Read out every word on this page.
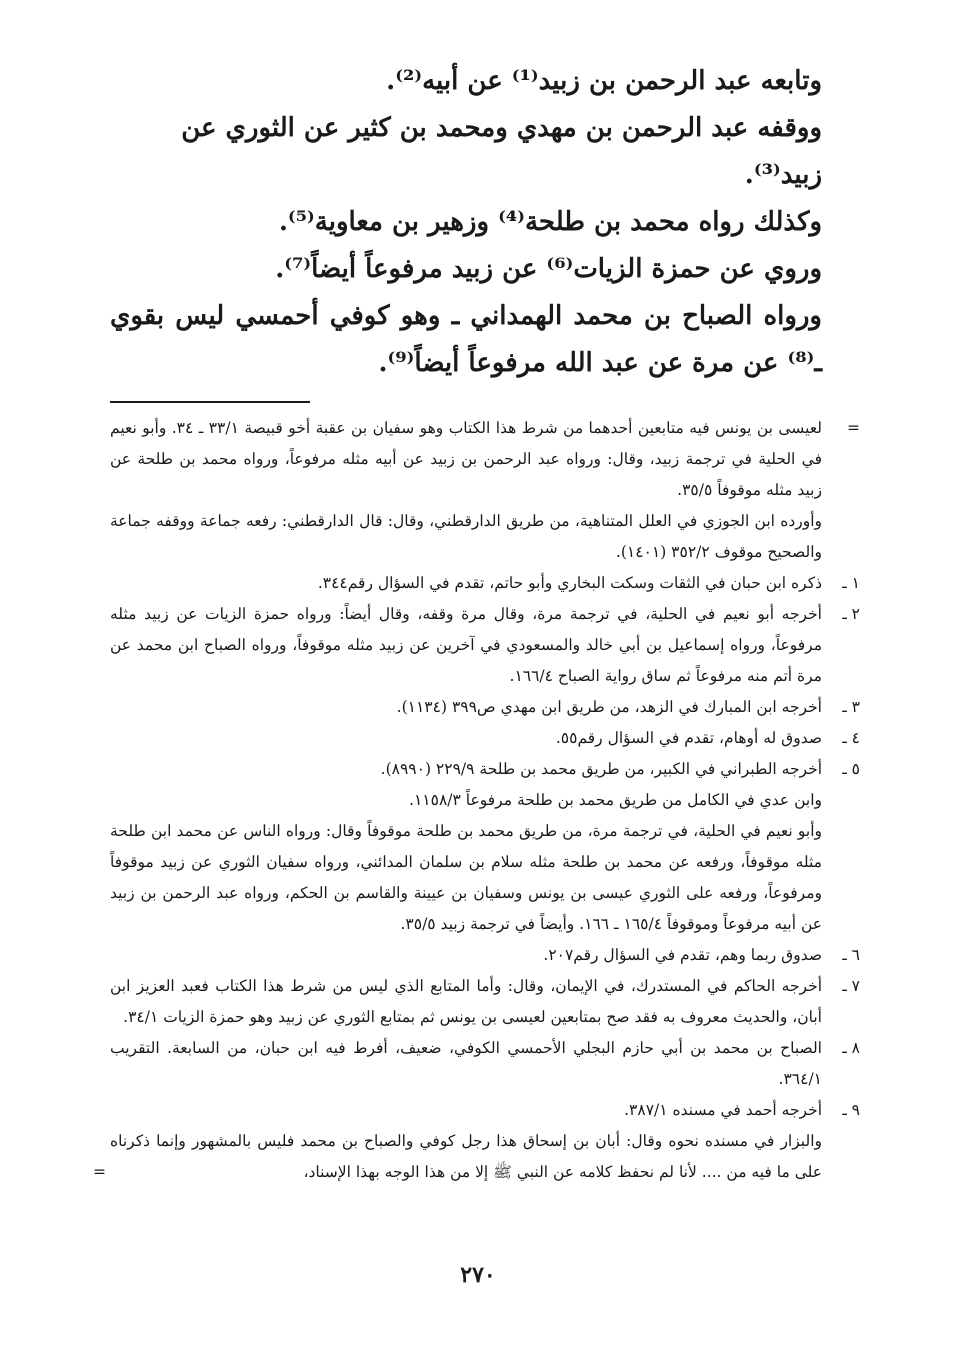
وتابعه عبد الرحمن بن زبيد⁽¹⁾ عن أبيه⁽²⁾.

ووقفه عبد الرحمن بن مهدي ومحمد بن كثير عن الثوري عن زبيد⁽³⁾.

وكذلك رواه محمد بن طلحة⁽⁴⁾ وزهير بن معاوية⁽⁵⁾.

وروي عن حمزة الزيات⁽⁶⁾ عن زبيد مرفوعاً أيضاً⁽⁷⁾.

ورواه الصباح بن محمد الهمداني ـ وهو كوفي أحمسي ليس بقوي ـ⁽⁸⁾ عن مرة عن عبد الله مرفوعاً أيضاً⁽⁹⁾.

=

لعيسى بن يونس فيه متابعين أحدهما من شرط هذا الكتاب وهو سفيان بن عقبة أخو قبيصة ٣٣/١ ـ ٣٤. وأبو نعيم في الحلية في ترجمة زبيد، وقال: ورواه عبد الرحمن بن زبيد عن أبيه مثله مرفوعاً، ورواه محمد بن طلحة عن زبيد مثله موقوفاً ٣٥/٥.

وأورده ابن الجوزي في العلل المتناهية، من طريق الدارقطني، وقال: قال الدارقطني: رفعه جماعة ووقفه جماعة والصحيح موقوف ٣٥٢/٢ (١٤٠١).

١ ـ

ذكره ابن حبان في الثقات وسكت البخاري وأبو حاتم، تقدم في السؤال رقم٣٤٤.

٢ ـ

أخرجه أبو نعيم في الحلية، في ترجمة مرة، وقال مرة وقفه، وقال أيضاً: ورواه حمزة الزيات عن زبيد مثله مرفوعاً، ورواه إسماعيل بن أبي خالد والمسعودي في آخرين عن زبيد مثله موقوفاً، ورواه الصباح ابن محمد عن مرة أتم منه مرفوعاً ثم ساق رواية الصباح ١٦٦/٤.

٣ ـ

أخرجه ابن المبارك في الزهد، من طريق ابن مهدي ص٣٩٩ (١١٣٤).

٤ ـ

صدوق له أوهام، تقدم في السؤال رقم٥٥.

٥ ـ

أخرجه الطبراني في الكبير، من طريق محمد بن طلحة ٢٢٩/٩ (٨٩٩٠).

وابن عدي في الكامل من طريق محمد بن طلحة مرفوعاً ١١٥٨/٣.

وأبو نعيم في الحلية، في ترجمة مرة، من طريق محمد بن طلحة موقوفاً وقال: ورواه الناس عن محمد ابن طلحة مثله موقوفاً، ورفعه عن محمد بن طلحة مثله سلام بن سلمان المدائني، ورواه سفيان الثوري عن زبيد موقوفاً ومرفوعاً، ورفعه على الثوري عيسى بن يونس وسفيان بن عيينة والقاسم بن الحكم، ورواه عبد الرحمن بن زبيد عن أبيه مرفوعاً وموقوفاً ١٦٥/٤ ـ ١٦٦. وأيضاً في ترجمة زبيد ٣٥/٥.

٦ ـ

صدوق ربما وهم، تقدم في السؤال رقم٢٠٧.

٧ ـ

أخرجه الحاكم في المستدرك، في الإيمان، وقال: وأما المتابع الذي ليس من شرط هذا الكتاب فعبد العزيز ابن أبان، والحديث معروف به فقد صح بمتابعين لعيسى بن يونس ثم بمتابع الثوري عن زبيد وهو حمزة الزيات ٣٤/١.

٨ ـ

الصباح بن محمد بن أبي حازم البجلي الأحمسي الكوفي، ضعيف، أفرط فيه ابن حبان، من السابعة. التقريب ٣٦٤/١.

٩ ـ

أخرجه أحمد في مسنده ٣٨٧/١.

والبزار في مسنده نحوه وقال: أبان بن إسحاق هذا رجل كوفي والصباح بن محمد فليس بالمشهور وإنما ذكرناه على ما فيه من .... لأنا لم نحفظ كلامه عن النبي ﷺ إلا من هذا الوجه بهذا الإسناد،

=
٢٧٠
